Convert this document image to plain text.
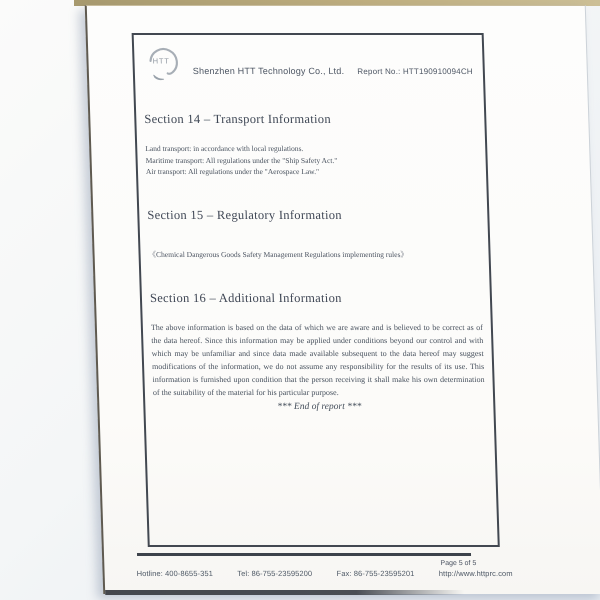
HTT
Shenzhen HTT Technology Co., Ltd. Report No.: HTT190910094CH
Section 14 – Transport Information

Land transport: in accordance with local regulations.

Maritime transport: All regulations under the "Ship Safety Act."

Air transport: All regulations under the "Aerospace Law."

Section 15 – Regulatory Information

《Chemical Dangerous Goods Safety Management Regulations implementing rules》

Section 16 – Additional Information

The above information is based on the data of which we are aware and is believed to be correct as of the data hereof. Since this information may be applied under conditions beyond our control and with which may be unfamiliar and since data made available subsequent to the data hereof may suggest modifications of the information, we do not assume any responsibility for the results of its use. This information is furnished upon condition that the person receiving it shall make his own determination of the suitability of the material for his particular purpose.

*** End of report ***

Page 5 of 5
Hotline: 400-8655-351	Tel: 86-755-23595200	Fax: 86-755-23595201	http://www.httprc.com
